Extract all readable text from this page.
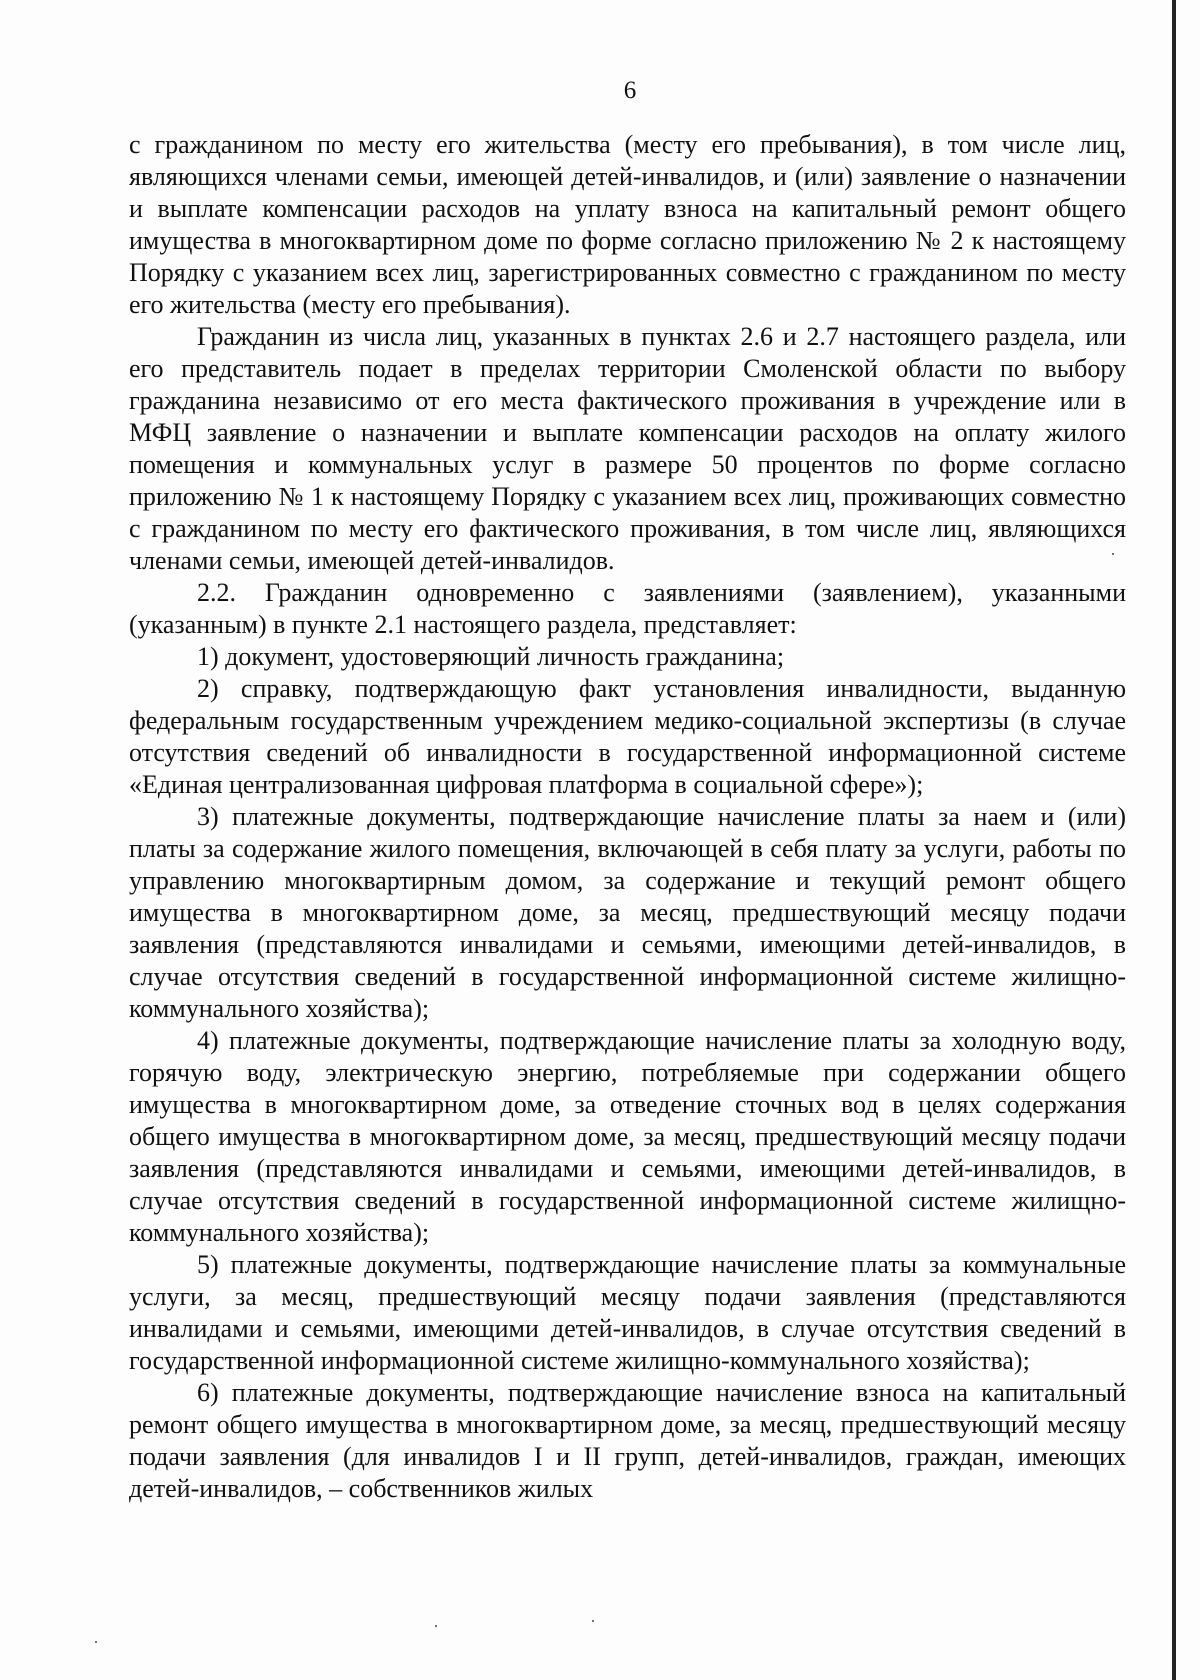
6

с гражданином по месту его жительства (месту его пребывания), в том числе лиц, являющихся членами семьи, имеющей детей-инвалидов, и (или) заявление о назначении и выплате компенсации расходов на уплату взноса на капитальный ремонт общего имущества в многоквартирном доме по форме согласно приложению № 2 к настоящему Порядку с указанием всех лиц, зарегистрированных совместно с гражданином по месту его жительства (месту его пребывания).

Гражданин из числа лиц, указанных в пунктах 2.6 и 2.7 настоящего раздела, или его представитель подает в пределах территории Смоленской области по выбору гражданина независимо от его места фактического проживания в учреждение или в МФЦ заявление о назначении и выплате компенсации расходов на оплату жилого помещения и коммунальных услуг в размере 50 процентов по форме согласно приложению № 1 к настоящему Порядку с указанием всех лиц, проживающих совместно с гражданином по месту его фактического проживания, в том числе лиц, являющихся членами семьи, имеющей детей-инвалидов.

2.2. Гражданин одновременно с заявлениями (заявлением), указанными (указанным) в пункте 2.1 настоящего раздела, представляет:

1) документ, удостоверяющий личность гражданина;

2) справку, подтверждающую факт установления инвалидности, выданную федеральным государственным учреждением медико-социальной экспертизы (в случае отсутствия сведений об инвалидности в государственной информационной системе «Единая централизованная цифровая платформа в социальной сфере»);

3) платежные документы, подтверждающие начисление платы за наем и (или) платы за содержание жилого помещения, включающей в себя плату за услуги, работы по управлению многоквартирным домом, за содержание и текущий ремонт общего имущества в многоквартирном доме, за месяц, предшествующий месяцу подачи заявления (представляются инвалидами и семьями, имеющими детей-инвалидов, в случае отсутствия сведений в государственной информационной системе жилищно-коммунального хозяйства);

4) платежные документы, подтверждающие начисление платы за холодную воду, горячую воду, электрическую энергию, потребляемые при содержании общего имущества в многоквартирном доме, за отведение сточных вод в целях содержания общего имущества в многоквартирном доме, за месяц, предшествующий месяцу подачи заявления (представляются инвалидами и семьями, имеющими детей-инвалидов, в случае отсутствия сведений в государственной информационной системе жилищно-коммунального хозяйства);

5) платежные документы, подтверждающие начисление платы за коммунальные услуги, за месяц, предшествующий месяцу подачи заявления (представляются инвалидами и семьями, имеющими детей-инвалидов, в случае отсутствия сведений в государственной информационной системе жилищно-коммунального хозяйства);

6) платежные документы, подтверждающие начисление взноса на капитальный ремонт общего имущества в многоквартирном доме, за месяц, предшествующий месяцу подачи заявления (для инвалидов I и II групп, детей-инвалидов, граждан, имеющих детей-инвалидов, – собственников жилых
